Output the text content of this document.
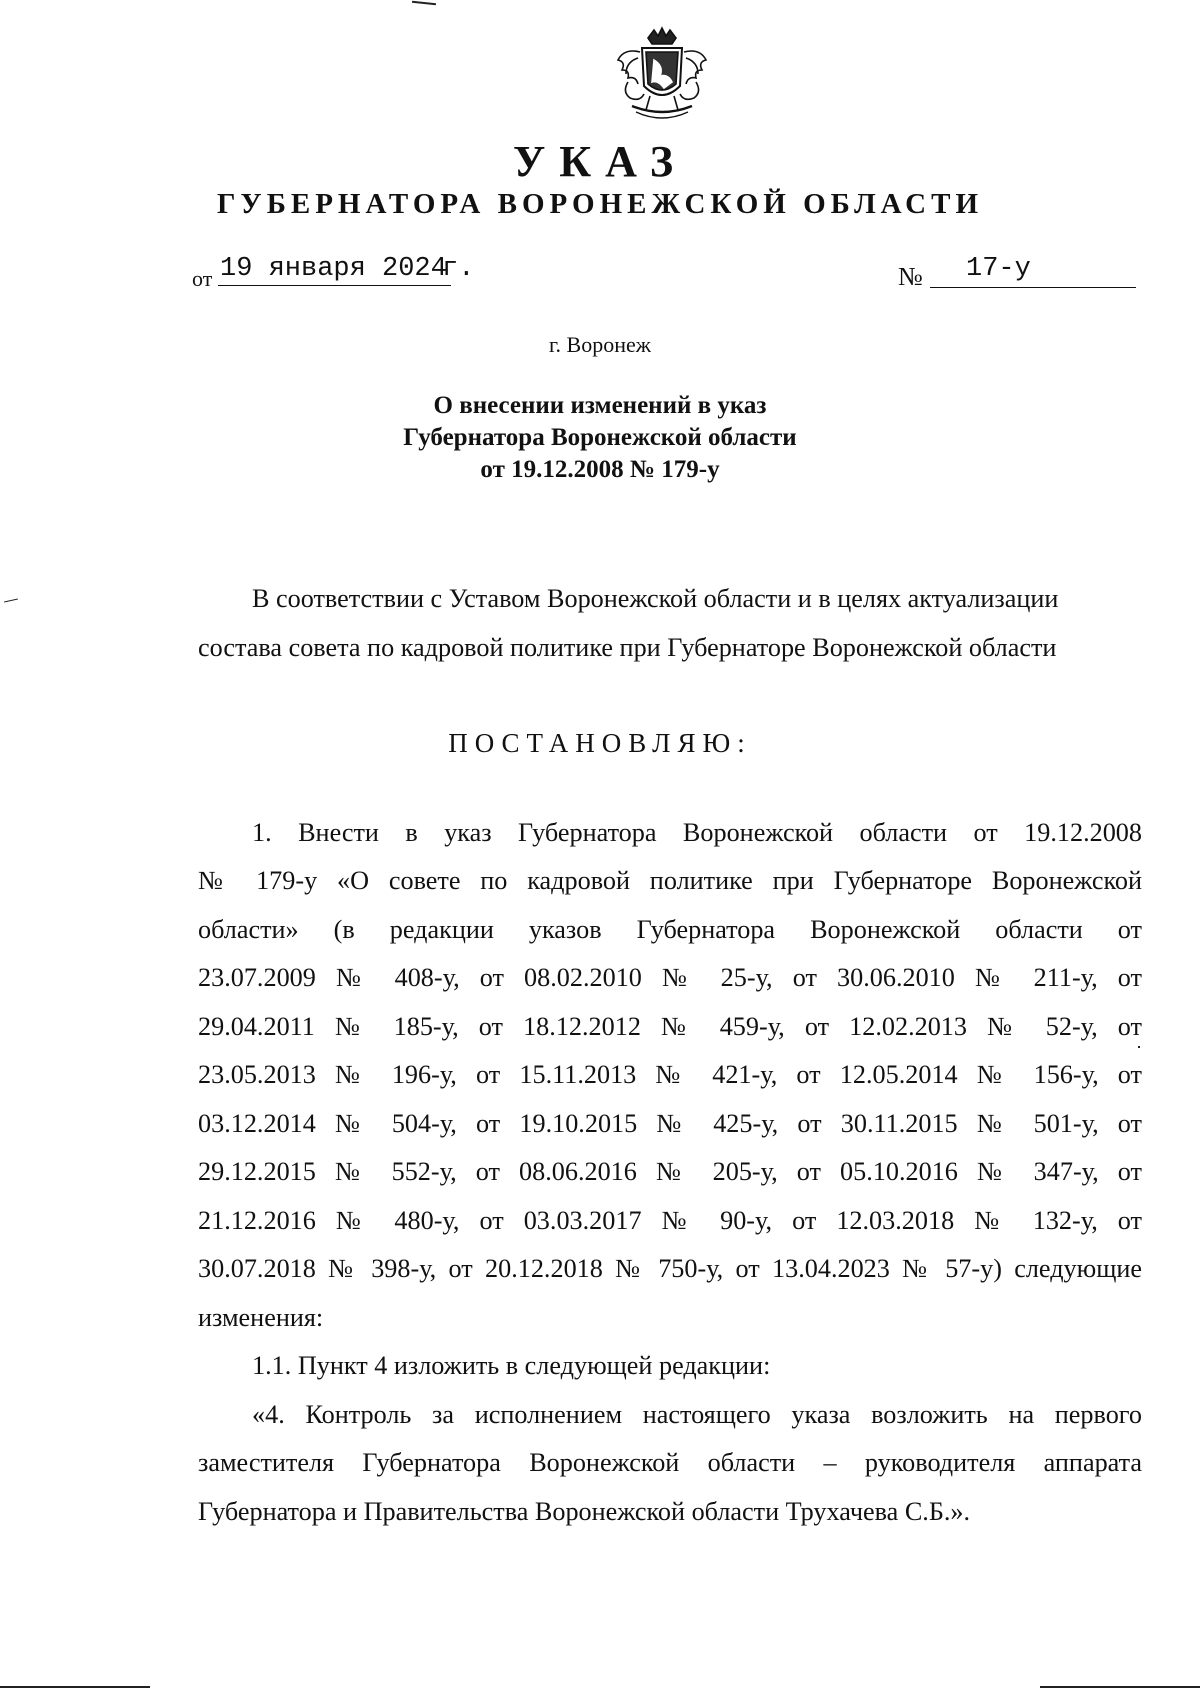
УКАЗ
ГУБЕРНАТОРА ВОРОНЕЖСКОЙ ОБЛАСТИ
от 19 января 2024
г.	№	17-у
г. Воронеж
О внесении изменений в указ
Губернатора Воронежской области
от 19.12.2008 № 179-у
В соответствии с Уставом Воронежской области и в целях актуализации
состава совета по кадровой политике при Губернаторе Воронежской области
ПОСТАНОВЛЯЮ:
1. Внести в указ Губернатора Воронежской области от 19.12.2008
№ 179-у «О совете по кадровой политике при Губернаторе Воронежской
области» (в редакции указов Губернатора Воронежской области от
23.07.2009 № 408-у, от 08.02.2010 № 25-у, от 30.06.2010 № 211-у, от
29.04.2011 № 185-у, от 18.12.2012 № 459-у, от 12.02.2013 № 52-у, от
23.05.2013 № 196-у, от 15.11.2013 № 421-у, от 12.05.2014 № 156-у, от
03.12.2014 № 504-у, от 19.10.2015 № 425-у, от 30.11.2015 № 501-у, от
29.12.2015 № 552-у, от 08.06.2016 № 205-у, от 05.10.2016 № 347-у, от
21.12.2016 № 480-у, от 03.03.2017 № 90-у, от 12.03.2018 № 132-у, от
30.07.2018 № 398-у, от 20.12.2018 № 750-у, от 13.04.2023 № 57-у) следующие
изменения:
1.1. Пункт 4 изложить в следующей редакции:
«4. Контроль за исполнением настоящего указа возложить на первого
заместителя Губернатора Воронежской области – руководителя аппарата
Губернатора и Правительства Воронежской области Трухачева С.Б.».
